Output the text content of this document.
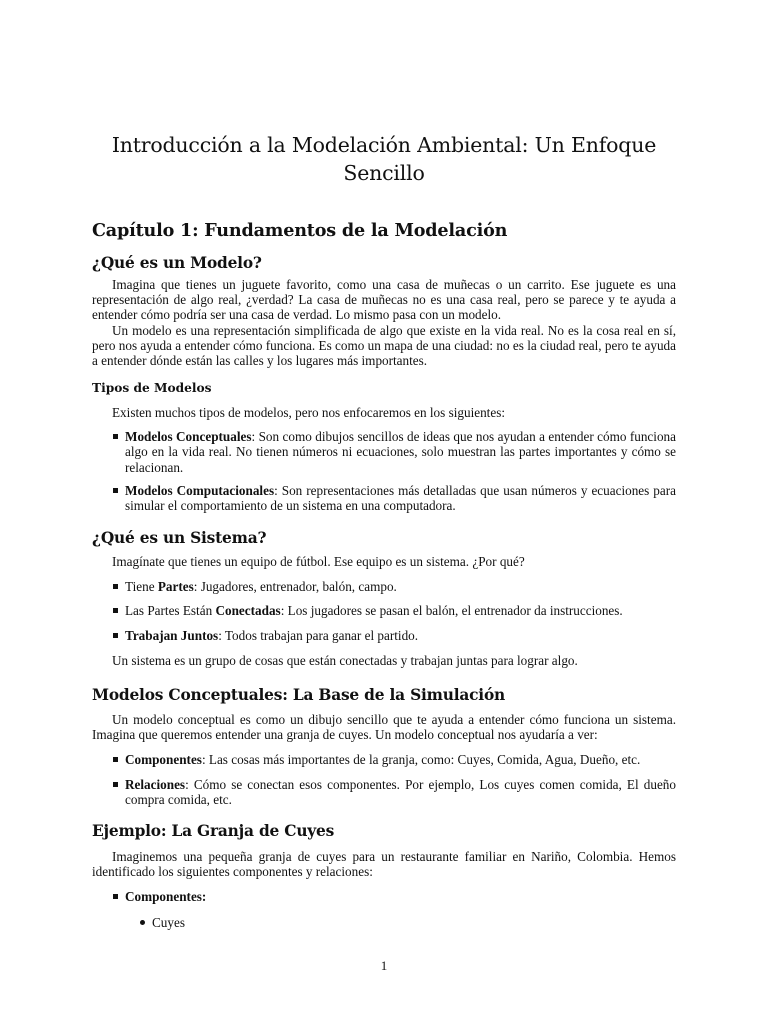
Introducción a la Modelación Ambiental: Un Enfoque Sencillo
Capítulo 1: Fundamentos de la Modelación
¿Qué es un Modelo?

Imagina que tienes un juguete favorito, como una casa de muñecas o un carrito. Ese juguete es una representación de algo real, ¿verdad? La casa de muñecas no es una casa real, pero se parece y te ayuda a entender cómo podría ser una casa de verdad. Lo mismo pasa con un modelo.

Un modelo es una representación simplificada de algo que existe en la vida real. No es la cosa real en sí, pero nos ayuda a entender cómo funciona. Es como un mapa de una ciudad: no es la ciudad real, pero te ayuda a entender dónde están las calles y los lugares más importantes.

Tipos de Modelos

Existen muchos tipos de modelos, pero nos enfocaremos en los siguientes:

Modelos Conceptuales: Son como dibujos sencillos de ideas que nos ayudan a entender cómo funciona algo en la vida real. No tienen números ni ecuaciones, solo muestran las partes importantes y cómo se relacionan.
Modelos Computacionales: Son representaciones más detalladas que usan números y ecuaciones para simular el comportamiento de un sistema en una computadora.
¿Qué es un Sistema?

Imagínate que tienes un equipo de fútbol. Ese equipo es un sistema. ¿Por qué?

Tiene Partes: Jugadores, entrenador, balón, campo.
Las Partes Están Conectadas: Los jugadores se pasan el balón, el entrenador da instrucciones.
Trabajan Juntos: Todos trabajan para ganar el partido.

Un sistema es un grupo de cosas que están conectadas y trabajan juntas para lograr algo.

Modelos Conceptuales: La Base de la Simulación

Un modelo conceptual es como un dibujo sencillo que te ayuda a entender cómo funciona un sistema. Imagina que queremos entender una granja de cuyes. Un modelo conceptual nos ayudaría a ver:

Componentes: Las cosas más importantes de la granja, como: Cuyes, Comida, Agua, Dueño, etc.
Relaciones: Cómo se conectan esos componentes. Por ejemplo, Los cuyes comen comida, El dueño compra comida, etc.
Ejemplo: La Granja de Cuyes

Imaginemos una pequeña granja de cuyes para un restaurante familiar en Nariño, Colombia. Hemos identificado los siguientes componentes y relaciones:

Componentes:
Cuyes
1
